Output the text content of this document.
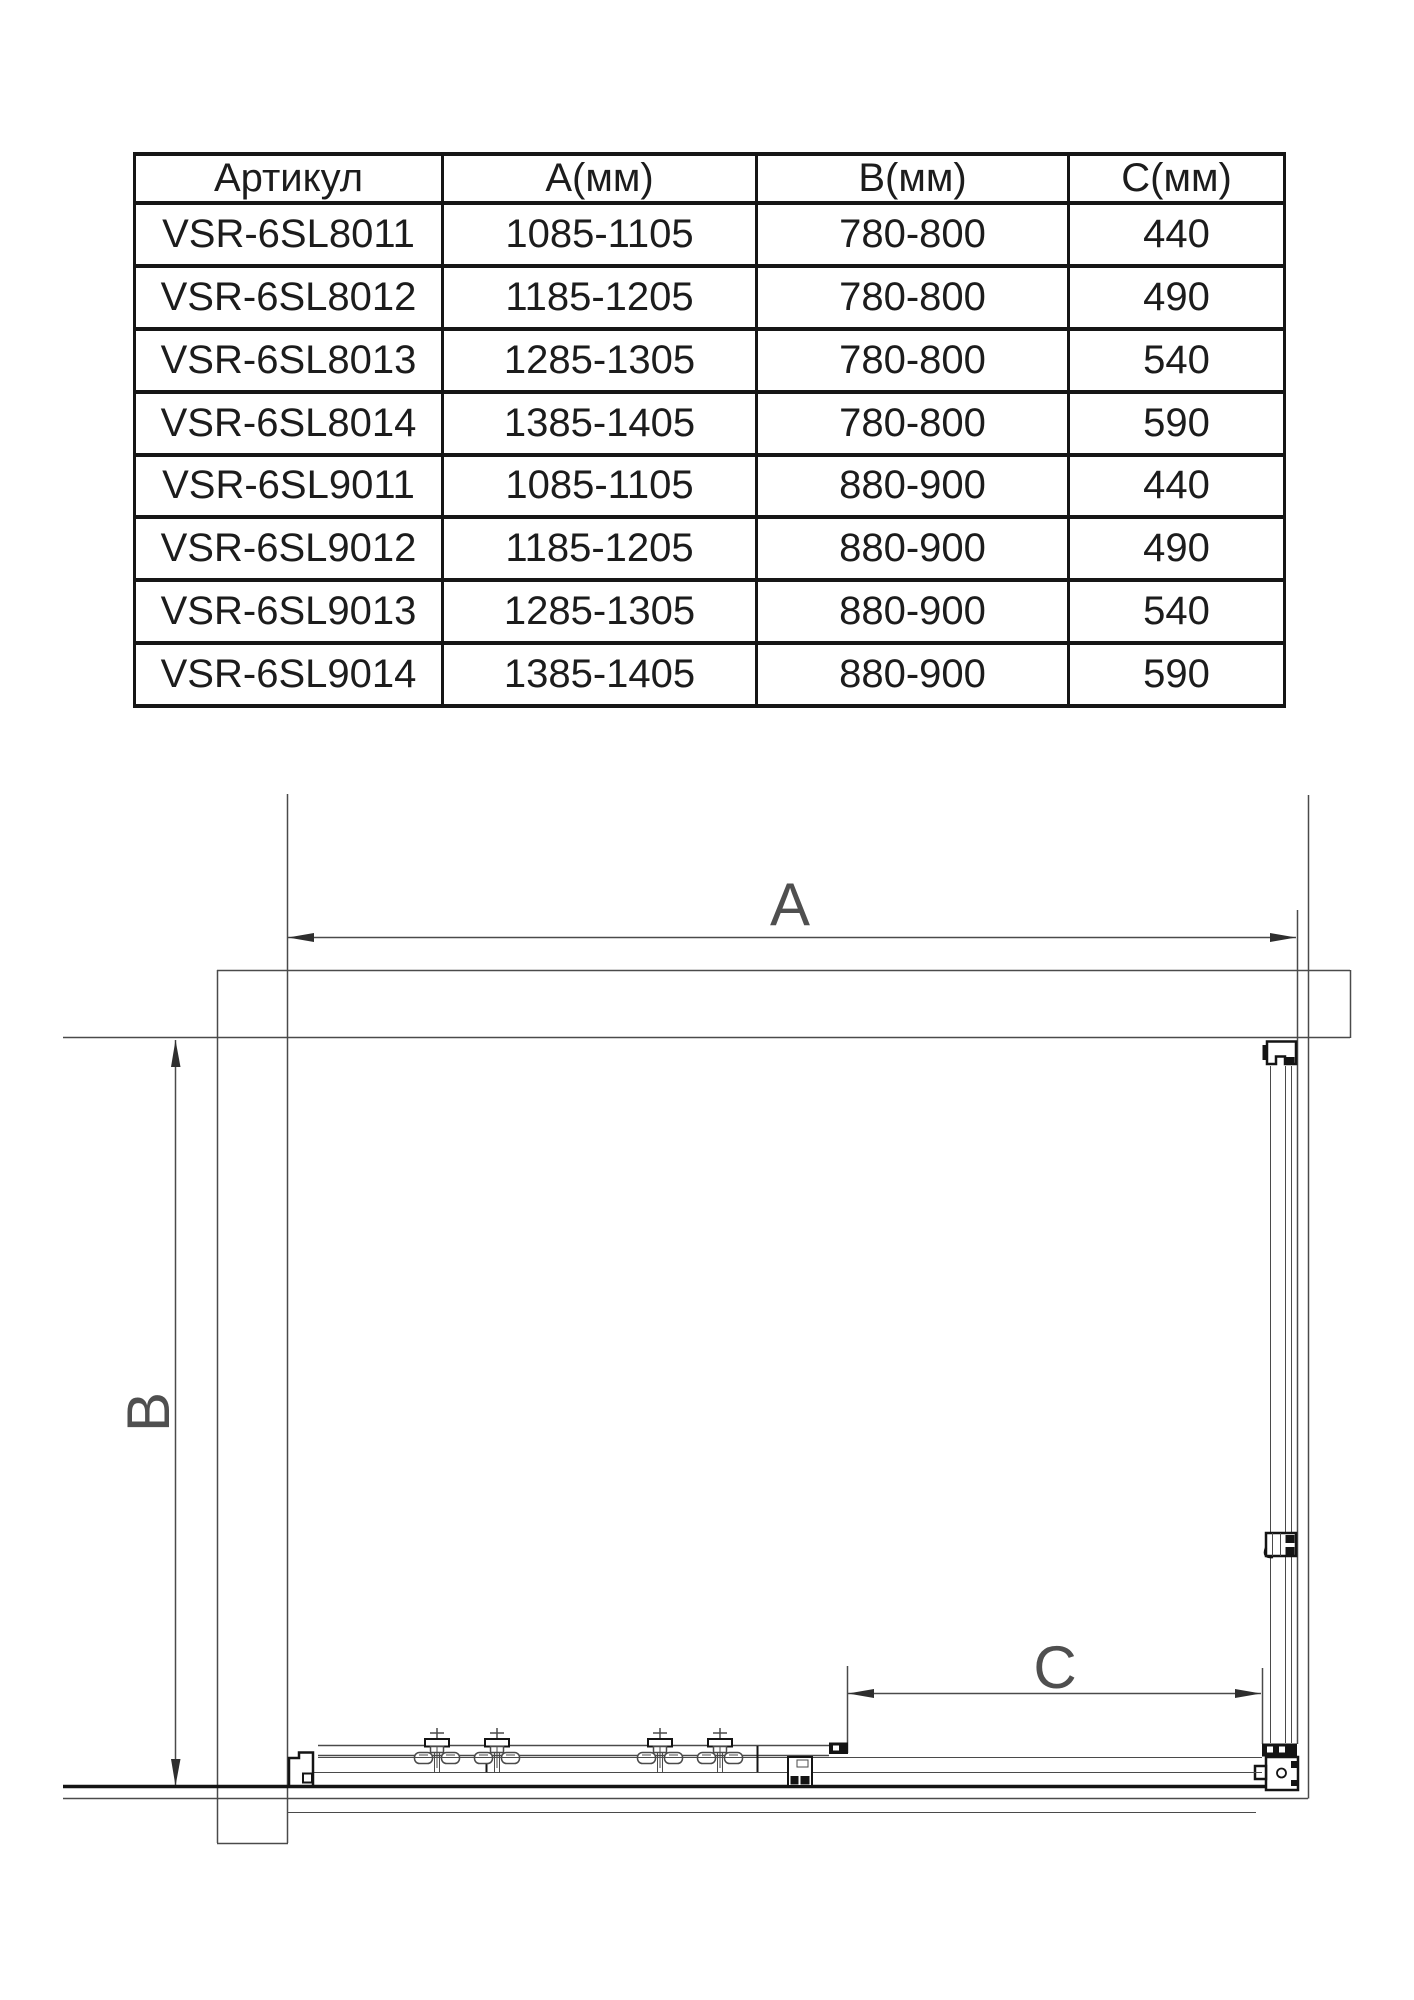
Артикул	А(мм)	В(мм)	С(мм)
VSR-6SL8011	1085-1105	780-800	440
VSR-6SL8012	1185-1205	780-800	490
VSR-6SL8013	1285-1305	780-800	540
VSR-6SL8014	1385-1405	780-800	590
VSR-6SL9011	1085-1105	880-900	440
VSR-6SL9012	1185-1205	880-900	490
VSR-6SL9013	1285-1305	880-900	540
VSR-6SL9014	1385-1405	880-900	590
A
B
C
